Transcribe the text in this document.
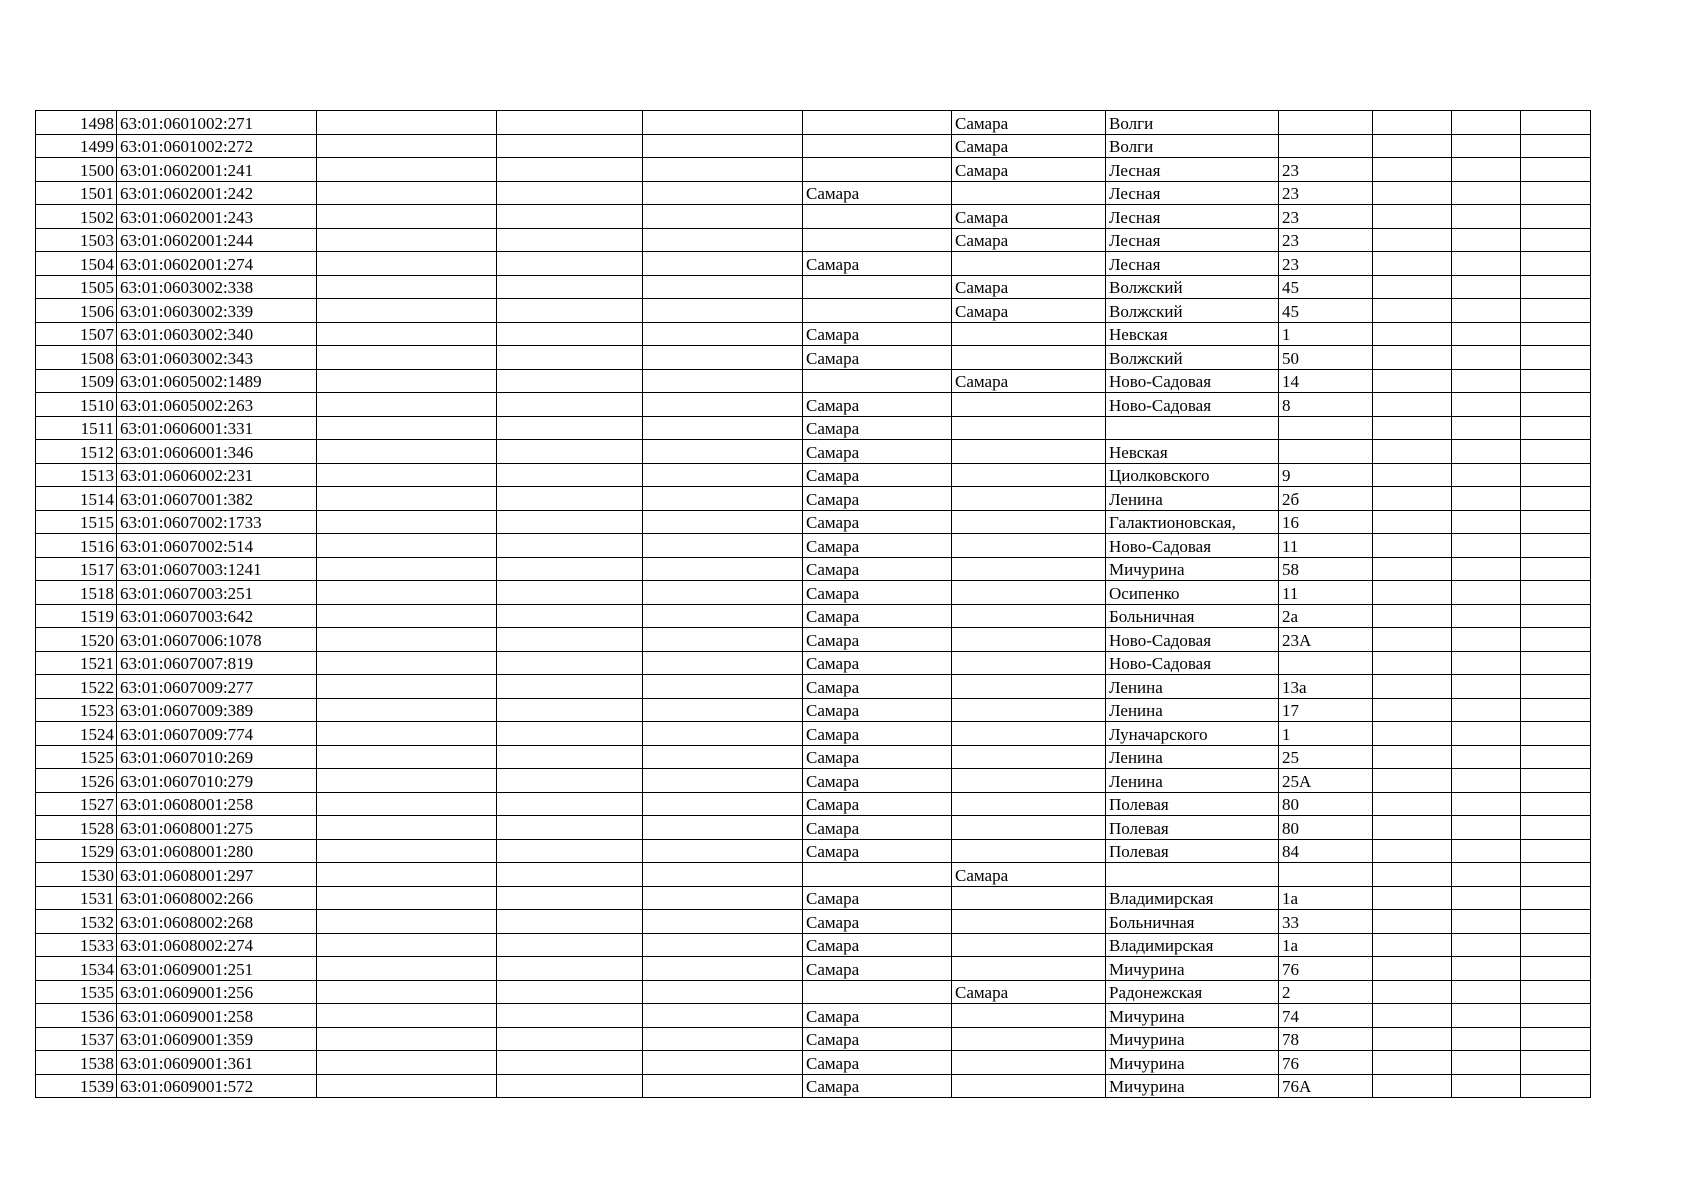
1498	63:01:0601002:271					Самара	Волги				
1499	63:01:0601002:272					Самара	Волги				
1500	63:01:0602001:241					Самара	Лесная	23			
1501	63:01:0602001:242				Самара		Лесная	23			
1502	63:01:0602001:243					Самара	Лесная	23			
1503	63:01:0602001:244					Самара	Лесная	23			
1504	63:01:0602001:274				Самара		Лесная	23			
1505	63:01:0603002:338					Самара	Волжский	45			
1506	63:01:0603002:339					Самара	Волжский	45			
1507	63:01:0603002:340				Самара		Невская	1			
1508	63:01:0603002:343				Самара		Волжский	50			
1509	63:01:0605002:1489					Самара	Ново-Садовая	14			
1510	63:01:0605002:263				Самара		Ново-Садовая	8			
1511	63:01:0606001:331				Самара						
1512	63:01:0606001:346				Самара		Невская				
1513	63:01:0606002:231				Самара		Циолковского	9			
1514	63:01:0607001:382				Самара		Ленина	2б			
1515	63:01:0607002:1733				Самара		Галактионовская,	16			
1516	63:01:0607002:514				Самара		Ново-Садовая	11			
1517	63:01:0607003:1241				Самара		Мичурина	58			
1518	63:01:0607003:251				Самара		Осипенко	11			
1519	63:01:0607003:642				Самара		Больничная	2а			
1520	63:01:0607006:1078				Самара		Ново-Садовая	23А			
1521	63:01:0607007:819				Самара		Ново-Садовая				
1522	63:01:0607009:277				Самара		Ленина	13а			
1523	63:01:0607009:389				Самара		Ленина	17			
1524	63:01:0607009:774				Самара		Луначарского	1			
1525	63:01:0607010:269				Самара		Ленина	25			
1526	63:01:0607010:279				Самара		Ленина	25А			
1527	63:01:0608001:258				Самара		Полевая	80			
1528	63:01:0608001:275				Самара		Полевая	80			
1529	63:01:0608001:280				Самара		Полевая	84			
1530	63:01:0608001:297					Самара					
1531	63:01:0608002:266				Самара		Владимирская	1а			
1532	63:01:0608002:268				Самара		Больничная	33			
1533	63:01:0608002:274				Самара		Владимирская	1а			
1534	63:01:0609001:251				Самара		Мичурина	76			
1535	63:01:0609001:256					Самара	Радонежская	2			
1536	63:01:0609001:258				Самара		Мичурина	74			
1537	63:01:0609001:359				Самара		Мичурина	78			
1538	63:01:0609001:361				Самара		Мичурина	76			
1539	63:01:0609001:572				Самара		Мичурина	76А			
